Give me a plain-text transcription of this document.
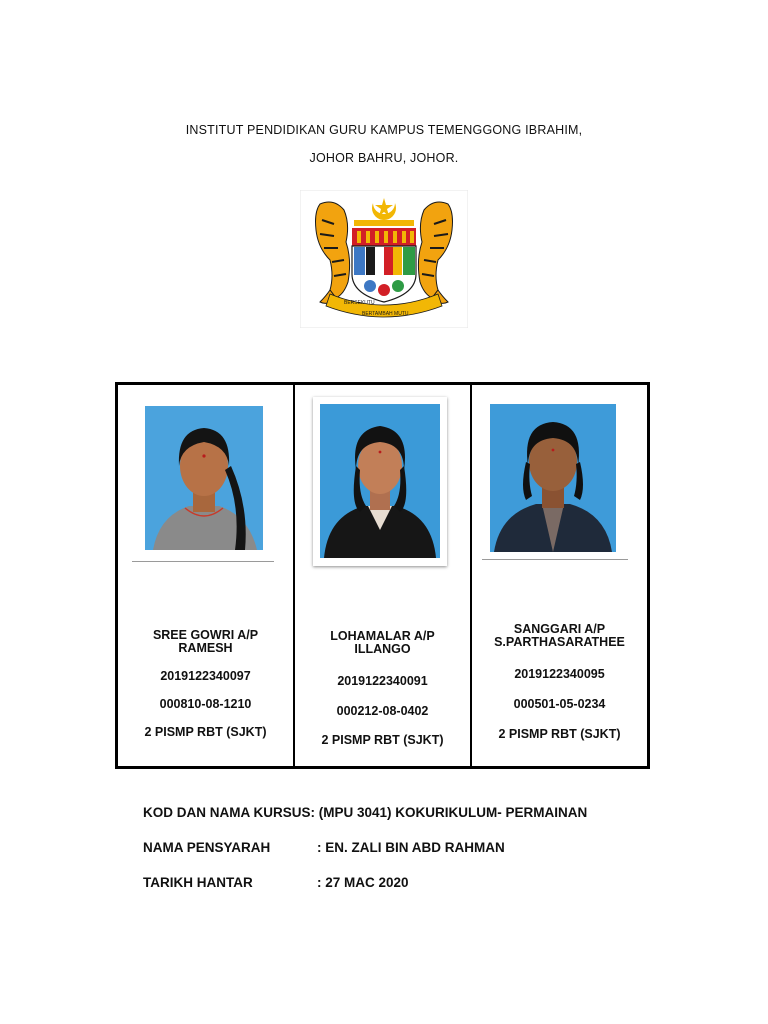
INSTITUT PENDIDIKAN GURU KAMPUS TEMENGGONG IBRAHIM,
JOHOR BAHRU, JOHOR.
BERSEKUTU
BERTAMBAH MUTU
SREE GOWRI A/P
RAMESH
2019122340097
000810-08-1210
2 PISMP RBT (SJKT)
LOHAMALAR A/P
ILLANGO
2019122340091
000212-08-0402
2 PISMP RBT (SJKT)
SANGGARI A/P
S.PARTHASARATHEE
2019122340095
000501-05-0234
2 PISMP RBT (SJKT)
KOD DAN NAMA KURSUS: (MPU 3041) KOKURIKULUM- PERMAINAN
NAMA PENSYARAH	: EN. ZALI BIN ABD RAHMAN
TARIKH HANTAR	: 27 MAC 2020
